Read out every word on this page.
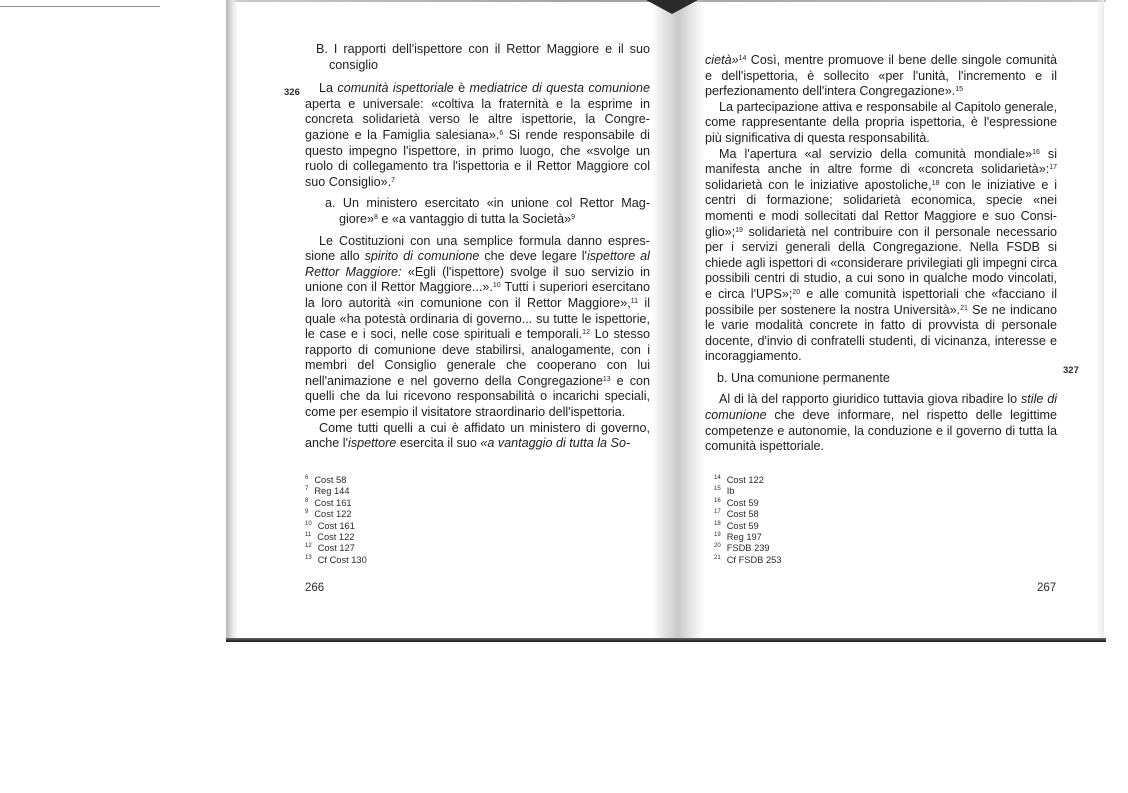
326
B. I rapporti dell'ispettore con il Rettor Maggiore e il suo consiglio

La comunità ispettoriale è mediatrice di questa comunione aperta e universale: «coltiva la fraternità e la esprime in concreta solidarietà verso le altre ispettorie, la Congregazione e la Famiglia salesiana».$^6$ Si rende responsabile di questo impegno l'ispettore, in primo luogo, che «svolge un ruolo di collegamento tra l'ispettoria e il Rettor Maggiore col suo Consiglio».$^7$

a. Un ministero esercitato «in unione col Rettor Maggiore»$^8$ e «a vantaggio di tutta la Società»$^9$

Le Costituzioni con una semplice formula danno espressione allo spirito di comunione che deve legare l'ispettore al Rettor Maggiore: «Egli (l'ispettore) svolge il suo servizio in unione con il Rettor Maggiore...».$^{10}$ Tutti i superiori esercitano la loro autorità «in comunione con il Rettor Maggiore»,$^{11}$ il quale «ha potestà ordinaria di governo... su tutte le ispettorie, le case e i soci, nelle cose spirituali e temporali.$^{12}$ Lo stesso rapporto di comunione deve stabilirsi, analogamente, con i membri del Consiglio generale che cooperano con lui nell'animazione e nel governo della Congregazione$^{13}$ e con quelli che da lui ricevono responsabilità o incarichi speciali, come per esempio il visitatore straordinario dell'ispettoria.

Come tutti quelli a cui è affidato un ministero di governo, anche l'ispettore esercita il suo «a vantaggio di tutta la So-

$^6$ Cost 58
$^7$ Reg 144
$^8$ Cost 161
$^9$ Cost 122
$^{10}$ Cost 161
$^{11}$ Cost 122
$^{12}$ Cost 127
$^{13}$ Cf Cost 130
266

cietà»$^{14}$ Così, mentre promuove il bene delle singole comunità e dell'ispettoria, è sollecito «per l'unità, l'incremento e il perfezionamento dell'intera Congregazione».$^{15}$

La partecipazione attiva e responsabile al Capitolo generale, come rappresentante della propria ispettoria, è l'espressione più significativa di questa responsabilità.

Ma l'apertura «al servizio della comunità mondiale»$^{16}$ si manifesta anche in altre forme di «concreta solidarietà»:$^{17}$ solidarietà con le iniziative apostoliche,$^{18}$ con le iniziative e i centri di formazione; solidarietà economica, specie «nei momenti e modi sollecitati dal Rettor Maggiore e suo Consiglio»;$^{19}$ solidarietà nel contribuire con il personale necessario per i servizi generali della Congregazione. Nella FSDB si chiede agli ispettori di «considerare privilegiati gli impegni circa possibili centri di studio, a cui sono in qualche modo vincolati, e circa l'UPS»;$^{20}$ e alle comunità ispettoriali che «facciano il possibile per sostenere la nostra Università».$^{21}$ Se ne indicano le varie modalità concrete in fatto di provvista di personale docente, d'invio di confratelli studenti, di vicinanza, interesse e incoraggiamento.

b. Una comunione permanente

Al di là del rapporto giuridico tuttavia giova ribadire lo stile di comunione che deve informare, nel rispetto delle legittime competenze e autonomie, la conduzione e il governo di tutta la comunità ispettoriale.

327
$^{14}$ Cost 122
$^{15}$ Ib
$^{16}$ Cost 59
$^{17}$ Cost 58
$^{18}$ Cost 59
$^{19}$ Reg 197
$^{20}$ FSDB 239
$^{21}$ Cf FSDB 253
267
